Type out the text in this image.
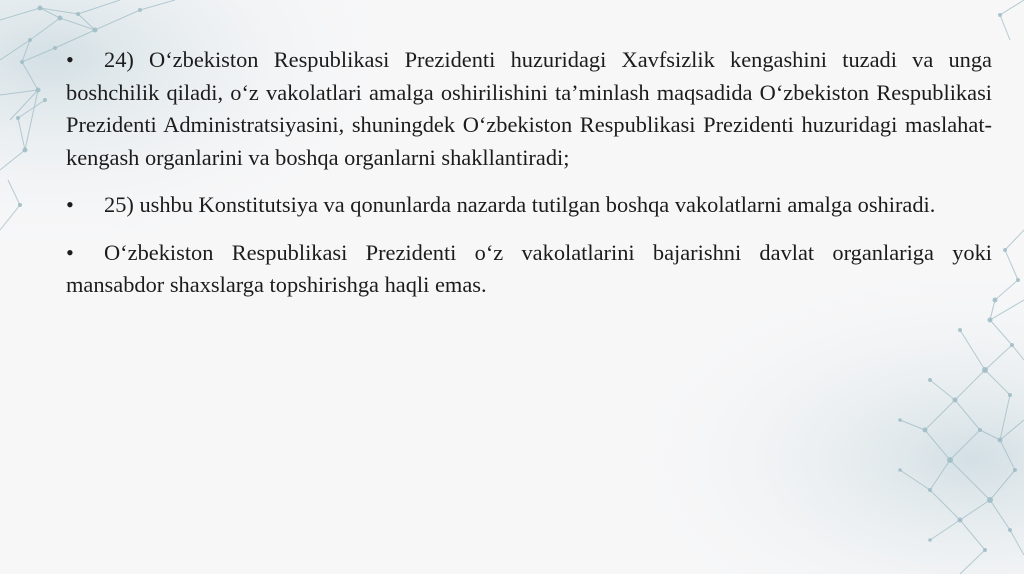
• 24) O‘zbekiston Respublikasi Prezidenti huzuridagi Xavfsizlik kengashini tuzadi va unga boshchilik qiladi, o‘z vakolatlari amalga oshirilishini ta’minlash maqsadida O‘zbekiston Respublikasi Prezidenti Administratsiyasini, shuningdek O‘zbekiston Respublikasi Prezidenti huzuridagi maslahat-kengash organlarini va boshqa organlarni shakllantiradi;

• 25) ushbu Konstitutsiya va qonunlarda nazarda tutilgan boshqa vakolatlarni amalga oshiradi.

• O‘zbekiston Respublikasi Prezidenti o‘z vakolatlarini bajarishni davlat organlariga yoki mansabdor shaxslarga topshirishga haqli emas.
